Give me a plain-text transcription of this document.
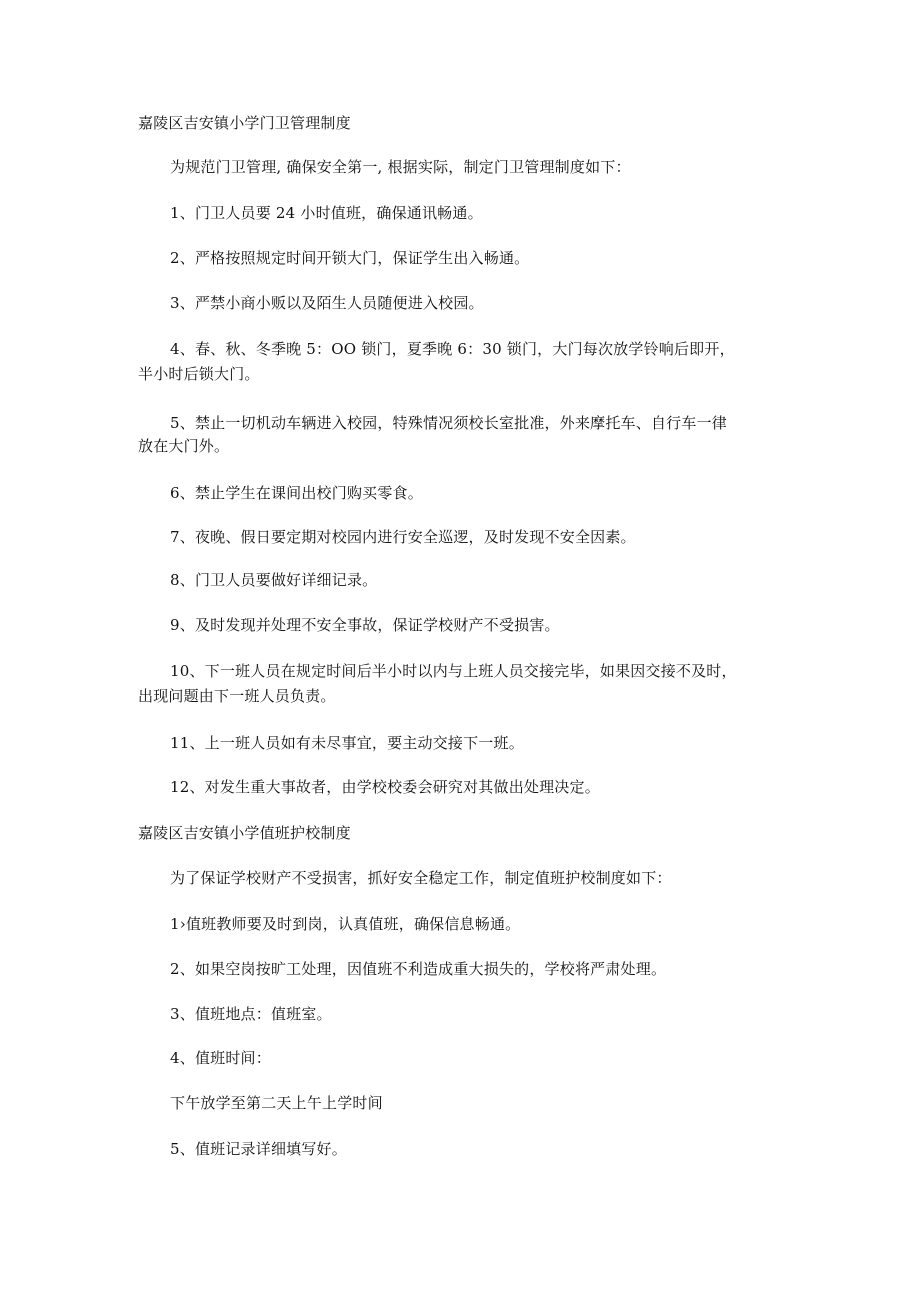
嘉陵区吉安镇小学门卫管理制度
为规范门卫管理, 确保安全第一, 根据实际，制定门卫管理制度如下：
1、门卫人员要 24 小时值班，确保通讯畅通。
2、严格按照规定时间开锁大门，保证学生出入畅通。
3、严禁小商小贩以及陌生人员随便进入校园。
4、春、秋、冬季晚 5：OO 锁门，夏季晚 6：30 锁门，大门每次放学铃响后即开，
半小时后锁大门。
5、禁止一切机动车辆进入校园，特殊情况须校长室批准，外来摩托车、自行车一律
放在大门外。
6、禁止学生在课间出校门购买零食。
7、夜晚、假日要定期对校园内进行安全巡逻，及时发现不安全因素。
8、门卫人员要做好详细记录。
9、及时发现并处理不安全事故，保证学校财产不受损害。
10、下一班人员在规定时间后半小时以内与上班人员交接完毕，如果因交接不及时，
出现问题由下一班人员负责。
11、上一班人员如有未尽事宜，要主动交接下一班。
12、对发生重大事故者，由学校校委会研究对其做出处理决定。
嘉陵区吉安镇小学值班护校制度
为了保证学校财产不受损害，抓好安全稳定工作，制定值班护校制度如下：
1›值班教师要及时到岗，认真值班，确保信息畅通。
2、如果空岗按旷工处理，因值班不利造成重大损失的，学校将严肃处理。
3、值班地点：值班室。
4、值班时间：
下午放学至第二天上午上学时间
5、值班记录详细填写好。
